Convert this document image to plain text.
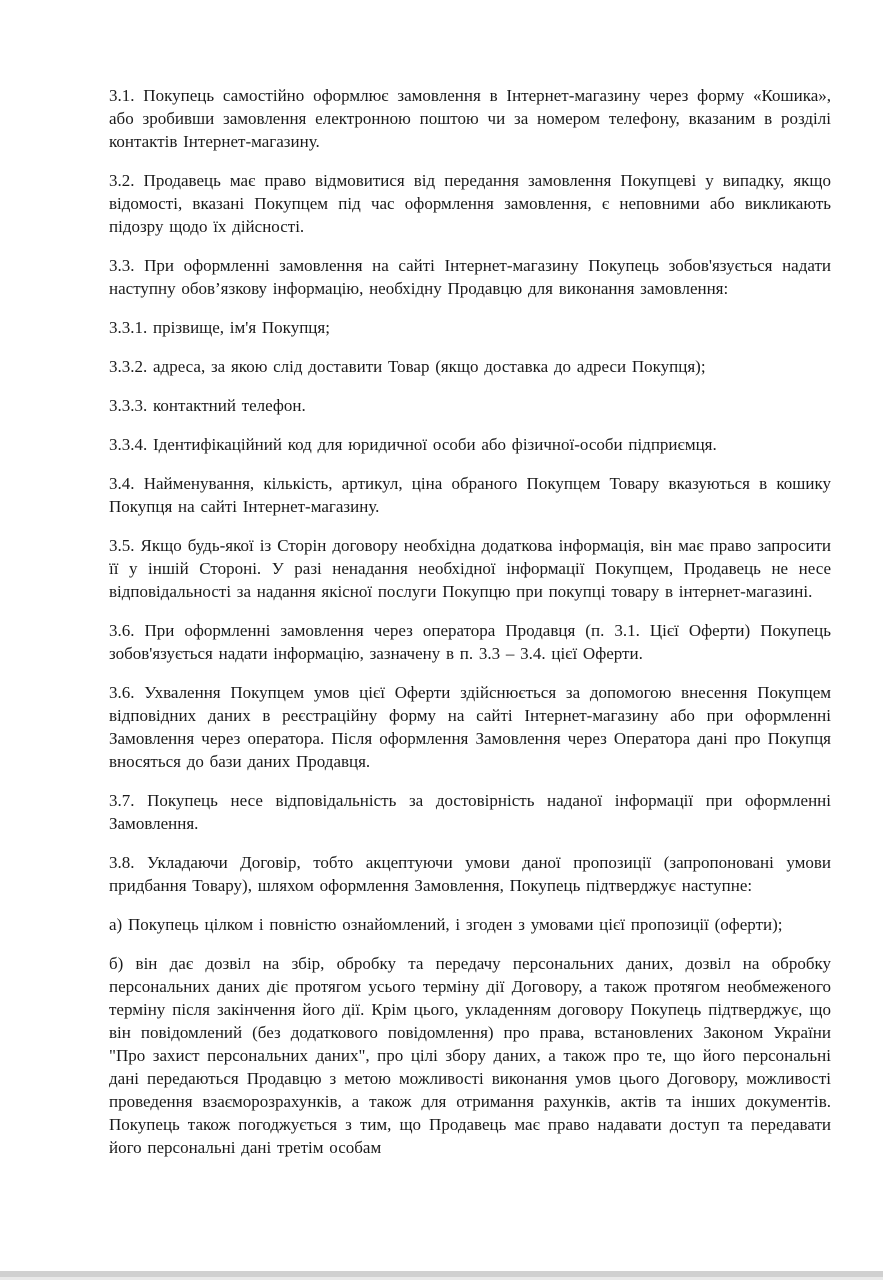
3.1. Покупець самостійно оформлює замовлення в Інтернет-магазину через форму «Кошика», або зробивши замовлення електронною поштою чи за номером телефону, вказаним в розділі контактів Інтернет-магазину.

3.2. Продавець має право відмовитися від передання замовлення Покупцеві у випадку, якщо відомості, вказані Покупцем під час оформлення замовлення, є неповними або викликають підозру щодо їх дійсності.

3.3. При оформленні замовлення на сайті Інтернет-магазину Покупець зобов'язується надати наступну обов’язкову інформацію, необхідну Продавцю для виконання замовлення:

3.3.1. прізвище, ім'я Покупця;

3.3.2. адреса, за якою слід доставити Товар (якщо доставка до адреси Покупця);

3.3.3. контактний телефон.

3.3.4. Ідентифікаційний код для юридичної особи або фізичної-особи підприємця.

3.4. Найменування, кількість, артикул, ціна обраного Покупцем Товару вказуються в кошику Покупця на сайті Інтернет-магазину.

3.5. Якщо будь-якої із Сторін договору необхідна додаткова інформація, він має право запросити її у іншій Стороні. У разі ненадання необхідної інформації Покупцем, Продавець не несе відповідальності за надання якісної послуги Покупцю при покупці товару в інтернет-магазині.

3.6. При оформленні замовлення через оператора Продавця (п. 3.1. Цієї Оферти) Покупець зобов'язується надати інформацію, зазначену в п. 3.3 – 3.4. цієї Оферти.

3.6. Ухвалення Покупцем умов цієї Оферти здійснюється за допомогою внесення Покупцем відповідних даних в реєстраційну форму на сайті Інтернет-магазину або при оформленні Замовлення через оператора. Після оформлення Замовлення через Оператора дані про Покупця вносяться до бази даних Продавця.

3.7. Покупець несе відповідальність за достовірність наданої інформації при оформленні Замовлення.

3.8. Укладаючи Договір, тобто акцептуючи умови даної пропозиції (запропоновані умови придбання Товару), шляхом оформлення Замовлення, Покупець підтверджує наступне:

а) Покупець цілком і повністю ознайомлений, і згоден з умовами цієї пропозиції (оферти);

б) він дає дозвіл на збір, обробку та передачу персональних даних, дозвіл на обробку персональних даних діє протягом усього терміну дії Договору, а також протягом необмеженого терміну після закінчення його дії. Крім цього, укладенням договору Покупець підтверджує, що він повідомлений (без додаткового повідомлення) про права, встановлених Законом України "Про захист персональних даних", про цілі збору даних, а також про те, що його персональні дані передаються Продавцю з метою можливості виконання умов цього Договору, можливості проведення взаєморозрахунків, а також для отримання рахунків, актів та інших документів. Покупець також погоджується з тим, що Продавець має право надавати доступ та передавати його персональні дані третім особам
